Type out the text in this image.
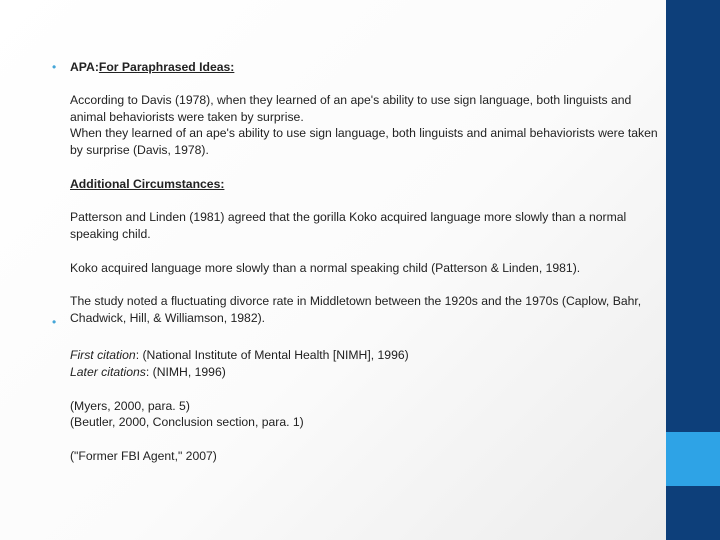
• APA:For Paraphrased Ideas:

According to Davis (1978), when they learned of an ape's ability to use sign language, both linguists and animal behaviorists were taken by surprise.

When they learned of an ape's ability to use sign language, both linguists and animal behaviorists were taken by surprise (Davis, 1978).

Additional Circumstances:

Patterson and Linden (1981) agreed that the gorilla Koko acquired language more slowly than a normal speaking child.

Koko acquired language more slowly than a normal speaking child (Patterson & Linden, 1981).

•

The study noted a fluctuating divorce rate in Middletown between the 1920s and the 1970s (Caplow, Bahr, Chadwick, Hill, & Williamson, 1982).

First citation: (National Institute of Mental Health [NIMH], 1996)

Later citations: (NIMH, 1996)

(Myers, 2000, para. 5)

(Beutler, 2000, Conclusion section, para. 1)

("Former FBI Agent," 2007)
